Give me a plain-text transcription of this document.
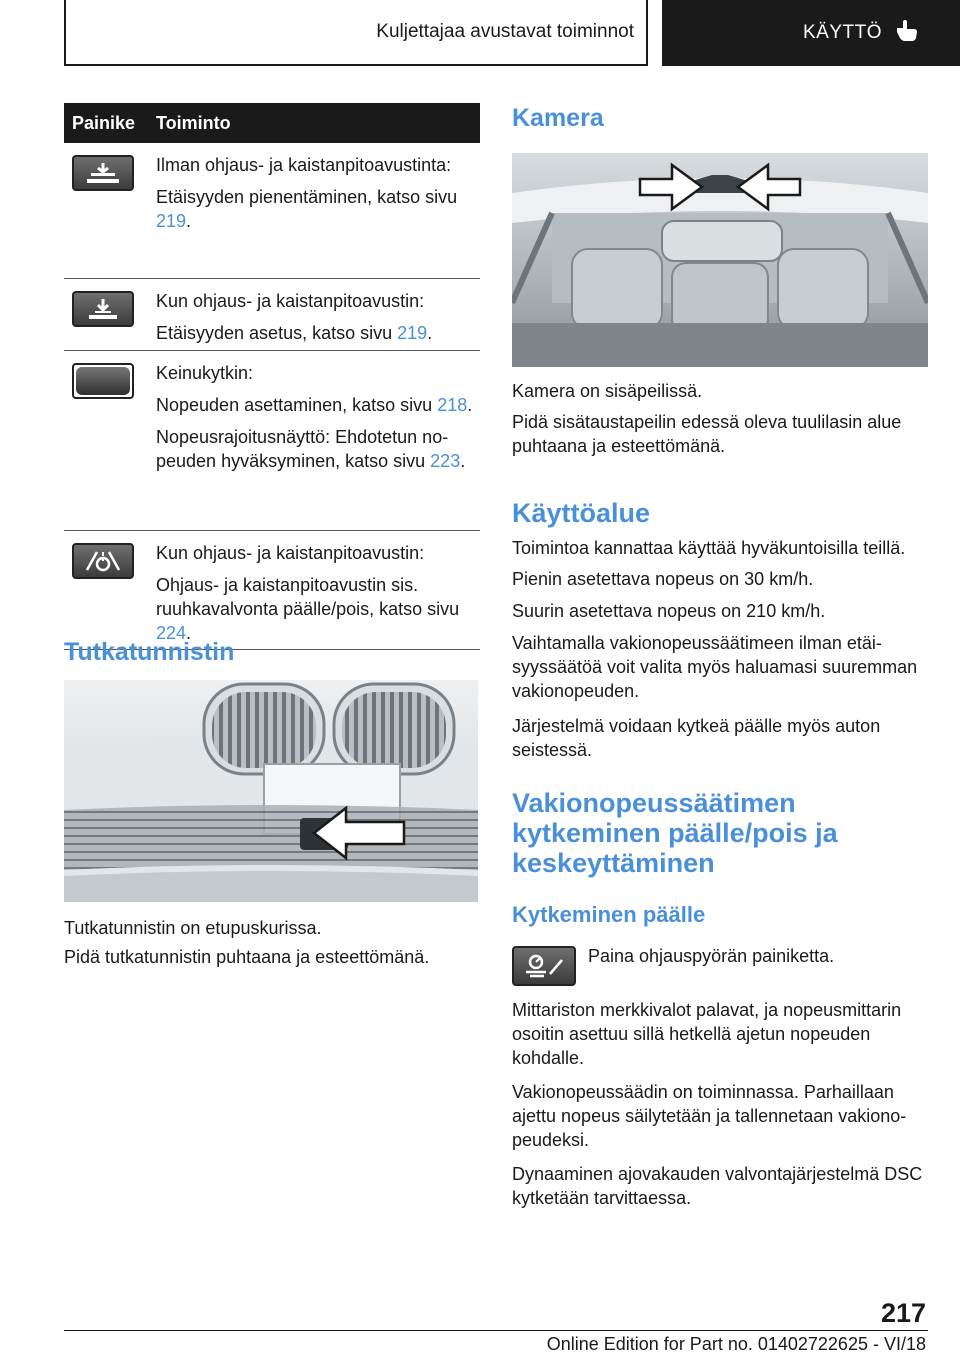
Kuljettajaa avustavat toiminnot	KÄYTTÖ
Painike	Toiminto

Ilman ohjaus- ja kaistanpitoavustinta:

Etäisyyden pienentäminen, katso sivu 219.

Kun ohjaus- ja kaistanpitoavustin:

Etäisyyden asetus, katso sivu 219.

Keinukytkin:

Nopeuden asettaminen, katso sivu 218.

Nopeusrajoitusnäyttö: Ehdotetun nopeuden hyväksyminen, katso sivu 223.

Kun ohjaus- ja kaistanpitoavustin:

Ohjaus- ja kaistanpitoavustin sis. ruuhkavalvonta päälle/pois, katso sivu 224.

Tutkatunnistin

Tutkatunnistin on etupuskurissa.

Pidä tutkatunnistin puhtaana ja esteettömänä.

Kamera

Kamera on sisäpeilissä.

Pidä sisätaustapeilin edessä oleva tuulilasin alue puhtaana ja esteettömänä.

Käyttöalue

Toimintoa kannattaa käyttää hyväkuntoisilla teillä.

Pienin asetettava nopeus on 30 km/h.

Suurin asetettava nopeus on 210 km/h.

Vaihtamalla vakionopeussäätimeen ilman etäisyyssäätöä voit valita myös haluamasi suuremman vakionopeuden.

Järjestelmä voidaan kytkeä päälle myös auton seistessä.

Vakionopeussäätimen
kytkeminen päälle/pois ja
keskeyttäminen
Kytkeminen päälle

Paina ohjauspyörän painiketta.

Mittariston merkkivalot palavat, ja nopeusmittarin osoitin asettuu sillä hetkellä ajetun nopeuden kohdalle.

Vakionopeussäädin on toiminnassa. Parhaillaan ajettu nopeus säilytetään ja tallennetaan vakionopeudeksi.

Dynaaminen ajovakauden valvontajärjestelmä DSC kytketään tarvittaessa.

217
Online Edition for Part no. 01402722625 - VI/18
